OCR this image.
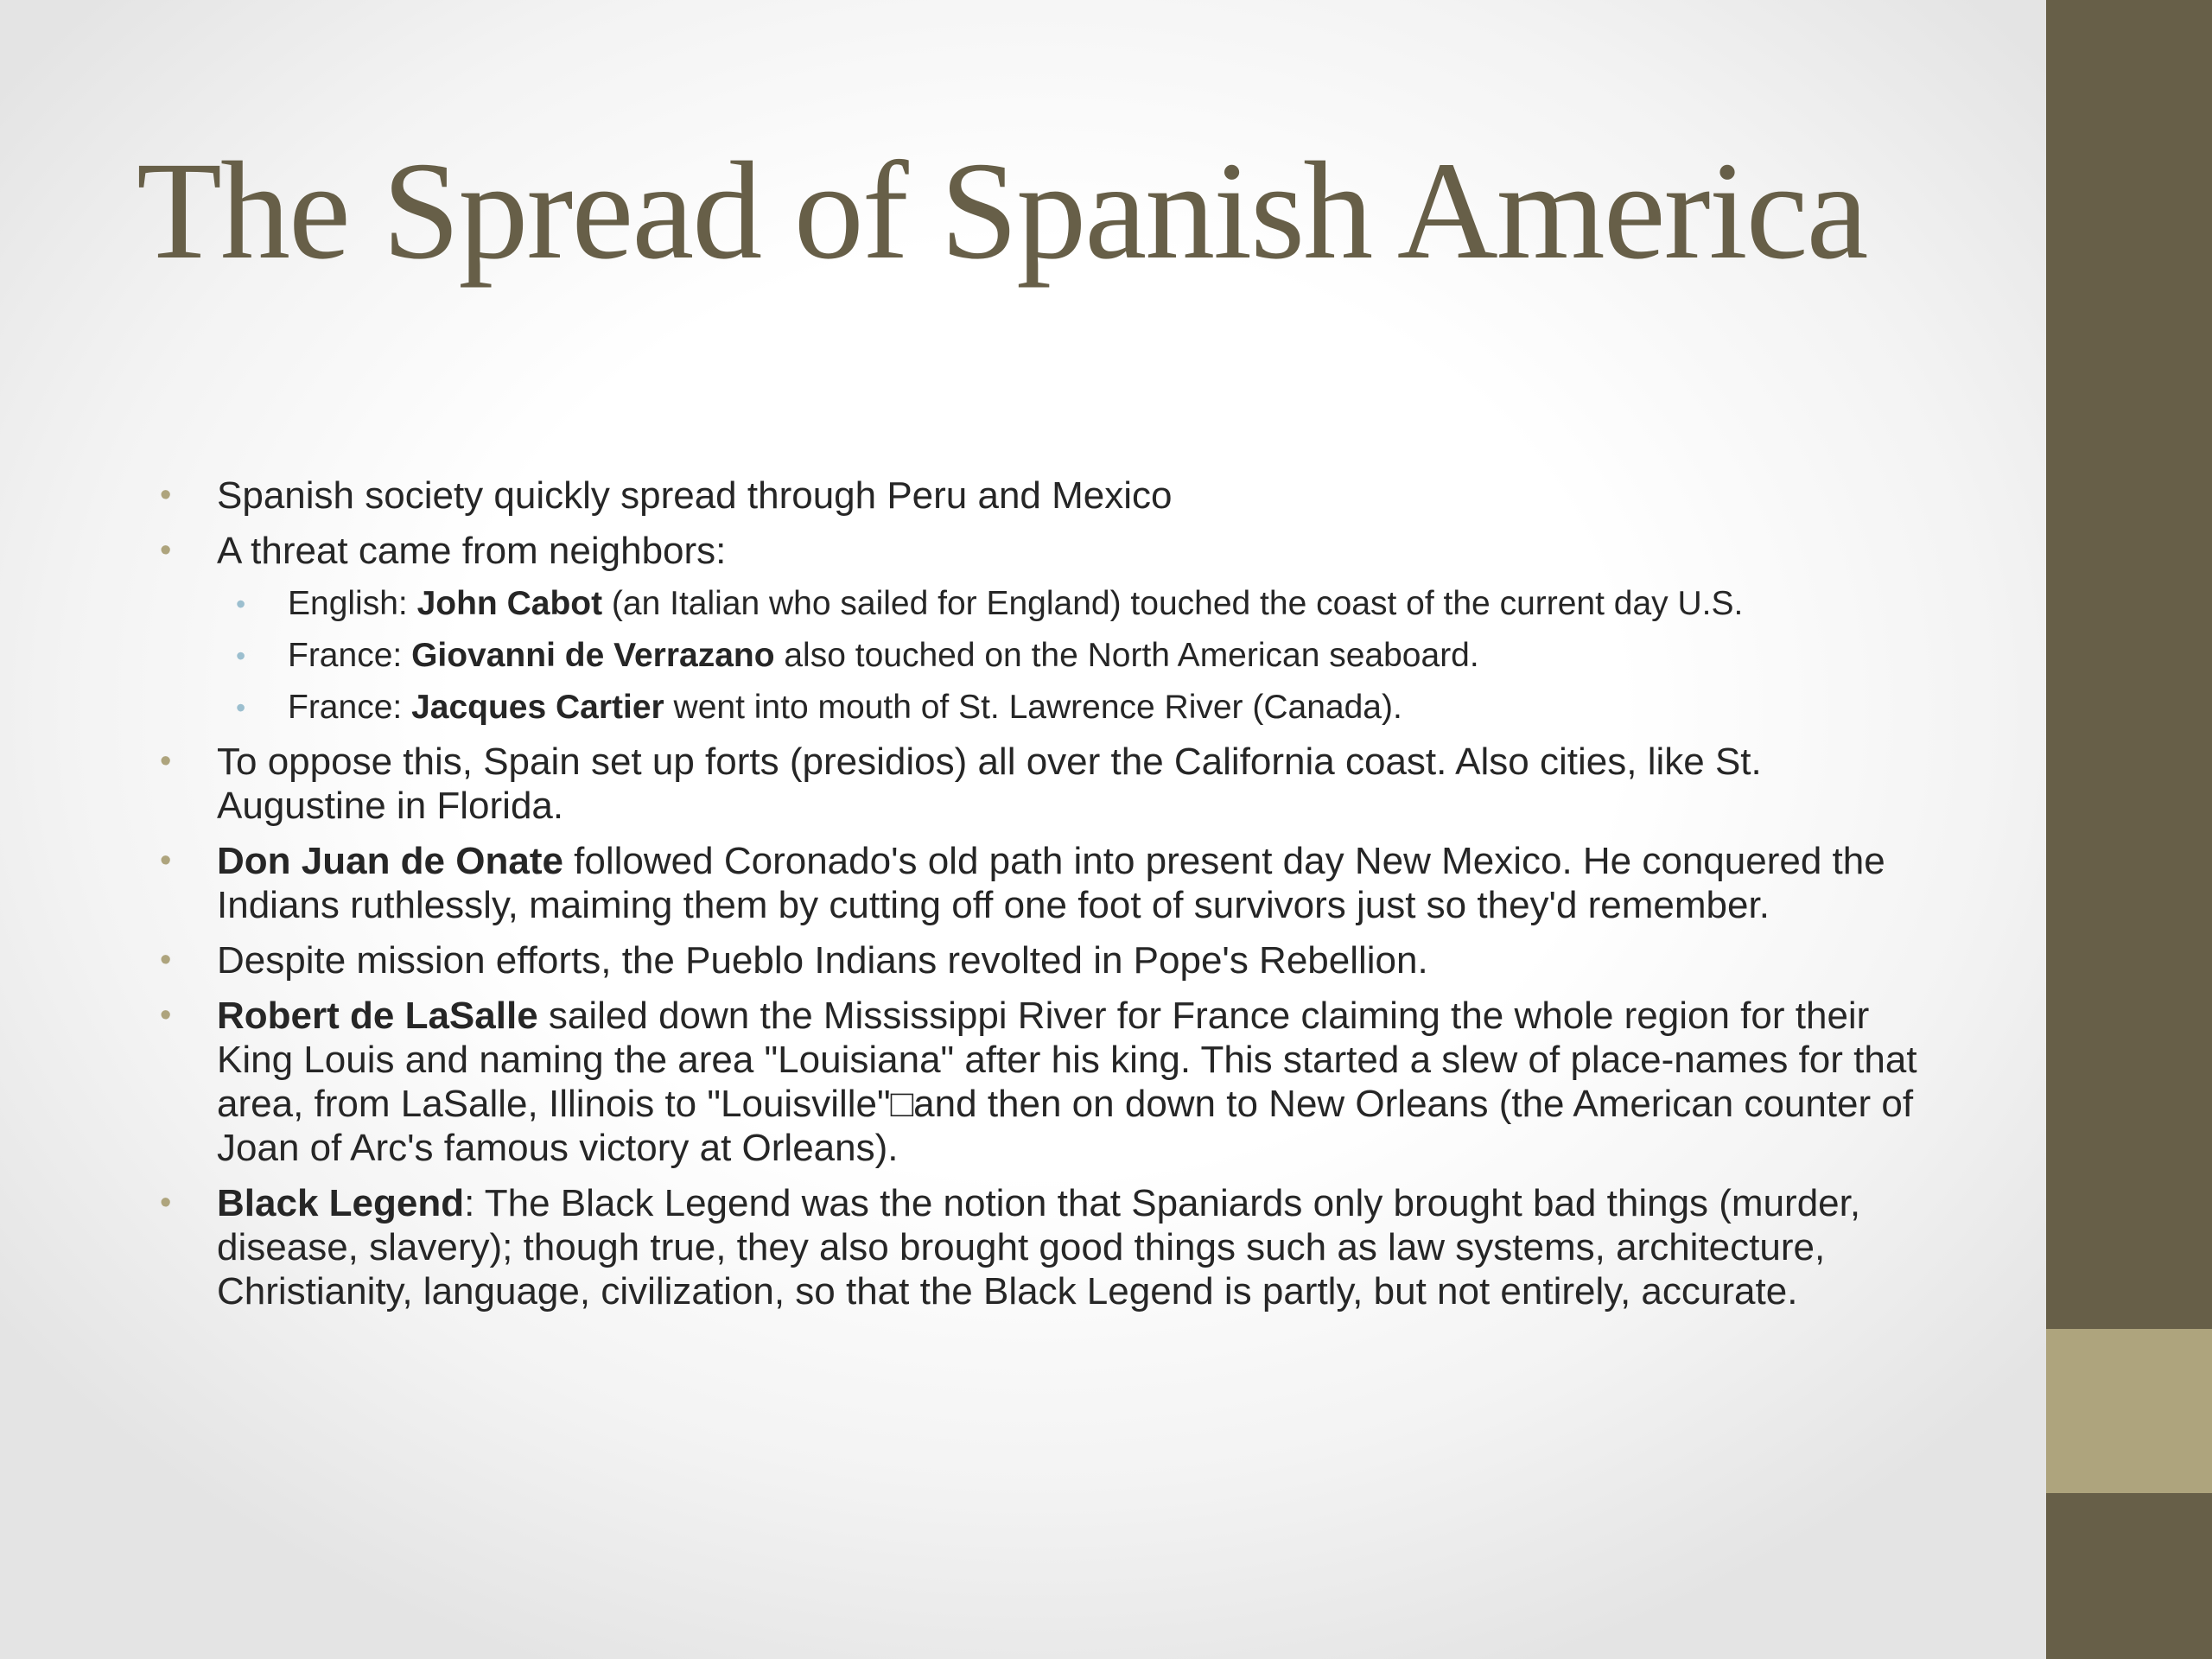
The Spread of Spanish America
• Spanish society quickly spread through Peru and Mexico
• A threat came from neighbors:
• English: John Cabot (an Italian who sailed for England) touched the coast of the current day U.S.
• France: Giovanni de Verrazano also touched on the North American seaboard.
• France: Jacques Cartier went into mouth of St. Lawrence River (Canada).
• To oppose this, Spain set up forts (presidios) all over the California coast. Also cities, like St. Augustine in Florida.
• Don Juan de Onate followed Coronado's old path into present day New Mexico. He conquered the Indians ruthlessly, maiming them by cutting off one foot of survivors just so they'd remember.
• Despite mission efforts, the Pueblo Indians revolted in Pope's Rebellion.
• Robert de LaSalle sailed down the Mississippi River for France claiming the whole region for their King Louis and naming the area "Louisiana" after his king. This started a slew of place-names for that area, from LaSalle, Illinois to "Louisville"□and then on down to New Orleans (the American counter of Joan of Arc's famous victory at Orleans).
• Black Legend: The Black Legend was the notion that Spaniards only brought bad things (murder, disease, slavery); though true, they also brought good things such as law systems, architecture, Christianity, language, civilization, so that the Black Legend is partly, but not entirely, accurate.
